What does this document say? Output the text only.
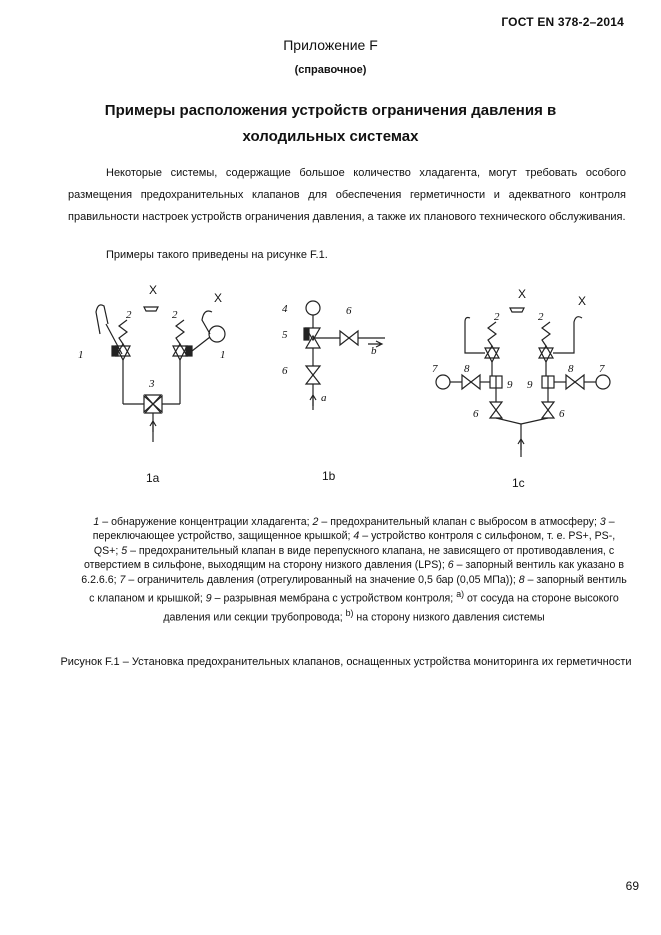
ГОСТ EN 378-2–2014
Приложение F
(справочное)
Примеры расположения устройств ограничения давления в
холодильных системах
Некоторые системы, содержащие большое количество хладагента, могут требовать особого размещения предохранительных клапанов для обеспечения герметичности и адекватного контроля правильности настроек устройств ограничения давления, а также их планового технического обслуживания.
Примеры такого приведены на рисунке F.1.
1	1
2	2
3
X
X
4
5
6
6
b
a
2	2
X	X
7	7
8	8
9 9
6	6
1a	1b	1c
1 – обнаружение концентрации хладагента; 2 – предохранительный клапан с выбросом в атмосферу; 3 – переключающее устройство, защищенное крышкой; 4 – устройство контроля с сильфоном, т. е. PS+, PS-, QS+; 5 – предохранительный клапан в виде перепускного клапана, не зависящего от противодавления, с отверстием в сильфоне, выходящим на сторону низкого давления (LPS); 6 – запорный вентиль как указано в 6.2.6.6; 7 – ограничитель давления (отрегулированный на значение 0,5 бар (0,05 МПа)); 8 – запорный вентиль с клапаном и крышкой; 9 – разрывная мембрана с устройством контроля; $^{a)}$ от сосуда на стороне высокого давления или секции трубопровода; $^{b)}$ на сторону низкого давления системы
Рисунок F.1 – Установка предохранительных клапанов, оснащенных устройства мониторинга их герметичности
69
